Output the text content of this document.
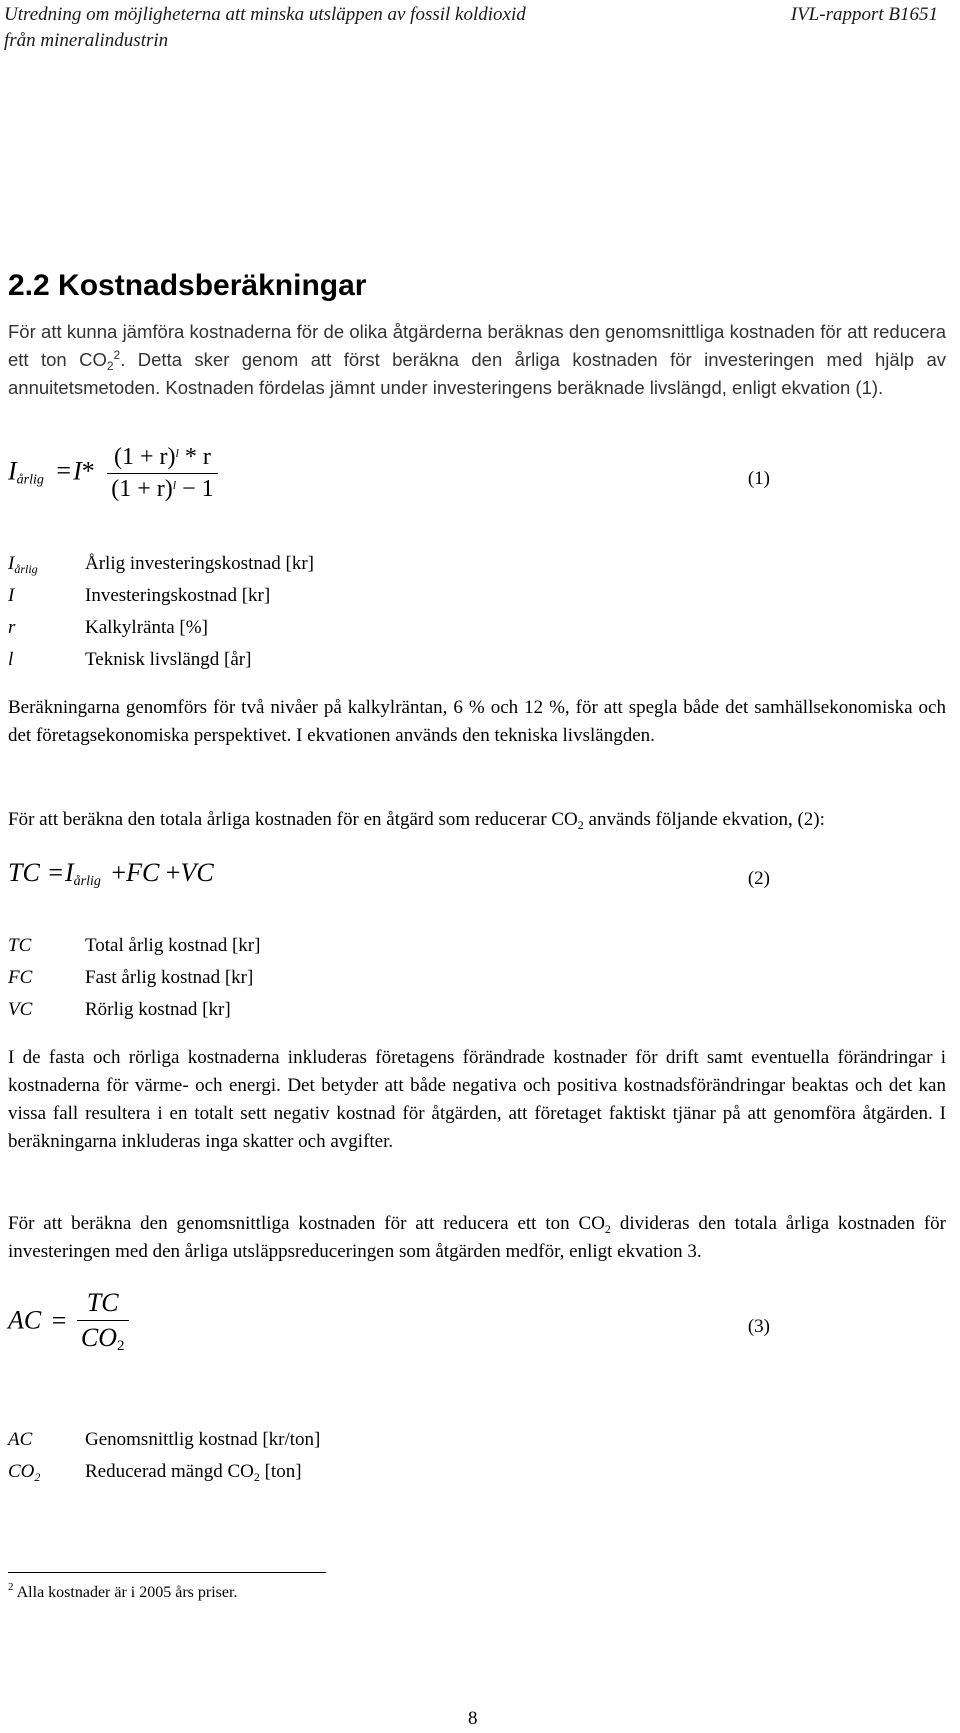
Utredning om möjligheterna att minska utsläppen av fossil koldioxid
från mineralindustrin
IVL-rapport B1651
2.2 Kostnadsberäkningar

För att kunna jämföra kostnaderna för de olika åtgärderna beräknas den genomsnittliga kostnaden för att reducera ett ton $CO_2^2$. Detta sker genom att först beräkna den årliga kostnaden för investeringen med hjälp av annuitetsmetoden. Kostnaden fördelas jämnt under investeringens beräknade livslängd, enligt ekvation (1).

$I_{årlig} =I* \frac{(1 + r)^l * r}{(1 + r)^l - 1}$	(1)
$I_{årlig}$ Årlig investeringskostnad [kr]
I	Investeringskostnad [kr]
r	Kalkylränta [%]
l	Teknisk livslängd [år]

Beräkningarna genomförs för två nivåer på kalkylräntan, 6 % och 12 %, för att spegla både det samhällsekonomiska och det företagsekonomiska perspektivet. I ekvationen används den tekniska livslängden.

För att beräkna den totala årliga kostnaden för en åtgärd som reducerar $CO_2$ används följande ekvation, (2):

TC $=I_{årlig} +FC +VC$	(2)
TC	Total årlig kostnad [kr]
FC	Fast årlig kostnad [kr]
VC	Rörlig kostnad [kr]

I de fasta och rörliga kostnaderna inkluderas företagens förändrade kostnader för drift samt eventuella förändringar i kostnaderna för värme- och energi. Det betyder att både negativa och positiva kostnadsförändringar beaktas och det kan vissa fall resultera i en totalt sett negativ kostnad för åtgärden, att företaget faktiskt tjänar på att genomföra åtgärden. I beräkningarna inkluderas inga skatter och avgifter.

För att beräkna den genomsnittliga kostnaden för att reducera ett ton $CO_2$ divideras den totala årliga kostnaden för investeringen med den årliga utsläppsreduceringen som åtgärden medför, enligt ekvation 3.

AC = $\frac{TC}{CO_2}$	(3)
AC	Genomsnittlig kostnad [kr/ton]
$CO_2$ Reducerad mängd $CO_2$ [ton]
$^2$ Alla kostnader är i 2005 års priser.
8
